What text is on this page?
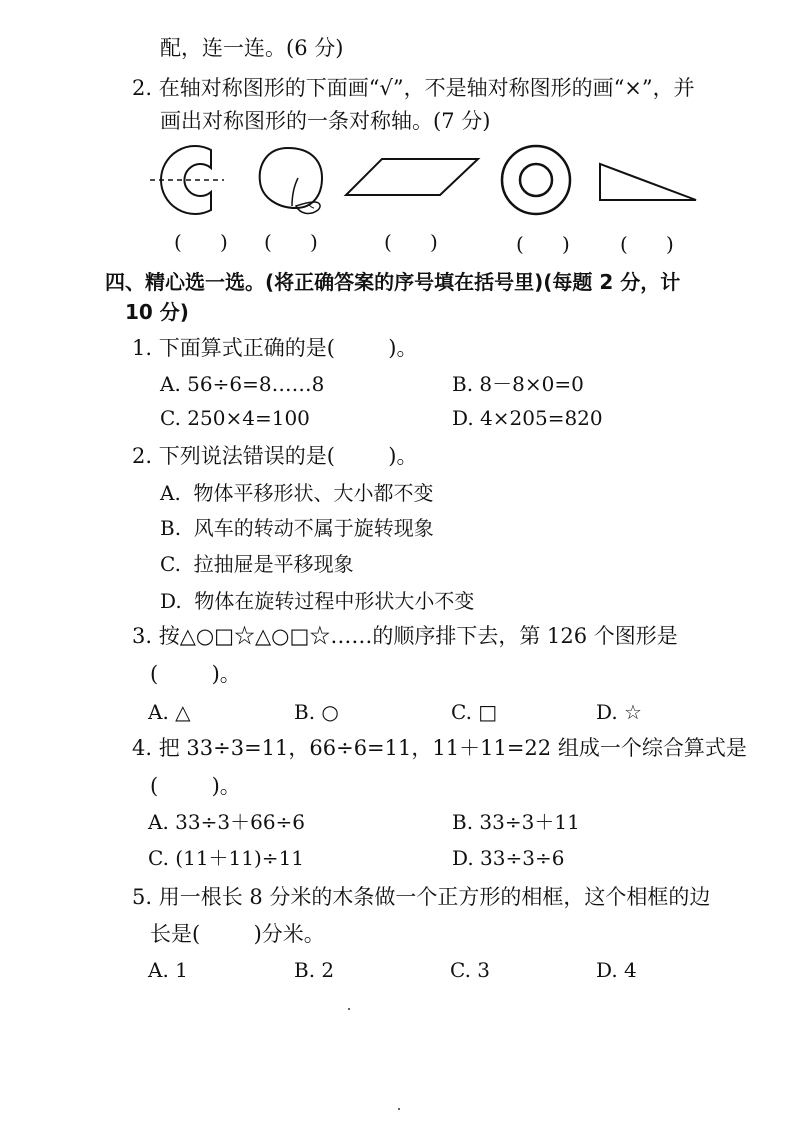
配，连一连。(6 分)
2. 在轴对称图形的下面画“√”，不是轴对称图形的画“×”，并
画出对称图形的一条对称轴。(7 分)
(      ) (      )	(      )	(      )	(      )
四、精心选一选。(将正确答案的序号填在括号里)(每题 2 分，计
10 分)
1. 下面算式正确的是(        )。
A. 56÷6=8……8	B. 8－8×0=0
C. 250×4=100	D. 4×205=820
2. 下列说法错误的是(        )。
A.  物体平移形状、大小都不变
B.  风车的转动不属于旋转现象
C.  拉抽屉是平移现象
D.  物体在旋转过程中形状大小不变
3. 按△○□☆△○□☆……的顺序排下去，第 126 个图形是
(        )。
A. △	B. ○	C. □	D. ☆
4. 把 33÷3=11，66÷6=11，11＋11=22 组成一个综合算式是
(        )。
A. 33÷3＋66÷6	B. 33÷3＋11
C. (11＋11)÷11	D. 33÷3÷6
5. 用一根长 8 分米的木条做一个正方形的相框，这个相框的边
长是(        )分米。
A. 1	B. 2	C. 3	D. 4
